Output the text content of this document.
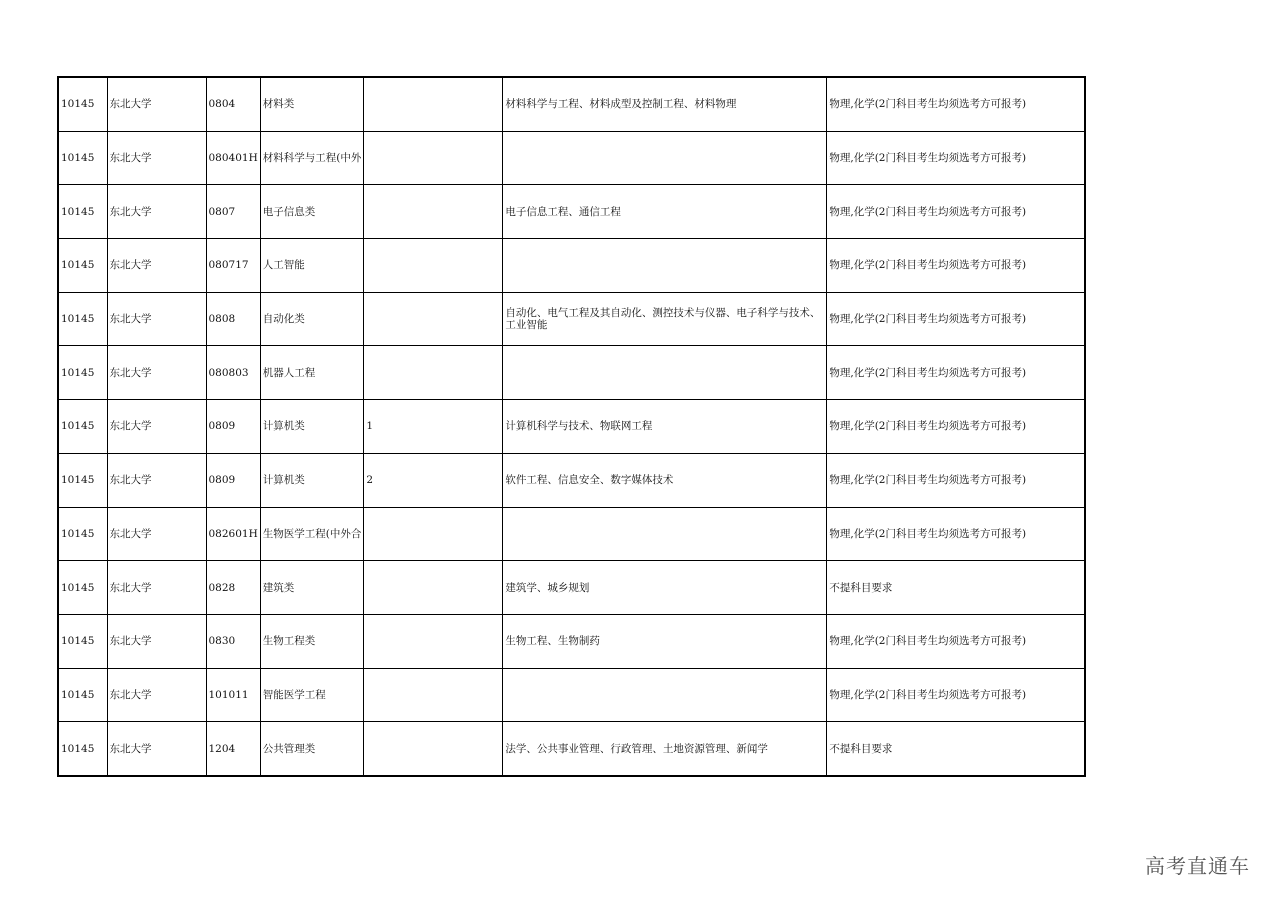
10145	东北大学	0804	材料类		材料科学与工程、材料成型及控制工程、材料物理	物理,化学(2门科目考生均须选考方可报考)
10145	东北大学	080401H	材料科学与工程(中外			物理,化学(2门科目考生均须选考方可报考)
10145	东北大学	0807	电子信息类		电子信息工程、通信工程	物理,化学(2门科目考生均须选考方可报考)
10145	东北大学	080717	人工智能			物理,化学(2门科目考生均须选考方可报考)
10145	东北大学	0808	自动化类		自动化、电气工程及其自动化、测控技术与仪器、电子科学与技术、工业智能	物理,化学(2门科目考生均须选考方可报考)
10145	东北大学	080803	机器人工程			物理,化学(2门科目考生均须选考方可报考)
10145	东北大学	0809	计算机类	1	计算机科学与技术、物联网工程	物理,化学(2门科目考生均须选考方可报考)
10145	东北大学	0809	计算机类	2	软件工程、信息安全、数字媒体技术	物理,化学(2门科目考生均须选考方可报考)
10145	东北大学	082601H	生物医学工程(中外合			物理,化学(2门科目考生均须选考方可报考)
10145	东北大学	0828	建筑类		建筑学、城乡规划	不提科目要求
10145	东北大学	0830	生物工程类		生物工程、生物制药	物理,化学(2门科目考生均须选考方可报考)
10145	东北大学	101011	智能医学工程			物理,化学(2门科目考生均须选考方可报考)
10145	东北大学	1204	公共管理类		法学、公共事业管理、行政管理、土地资源管理、新闻学	不提科目要求
高考直通车
